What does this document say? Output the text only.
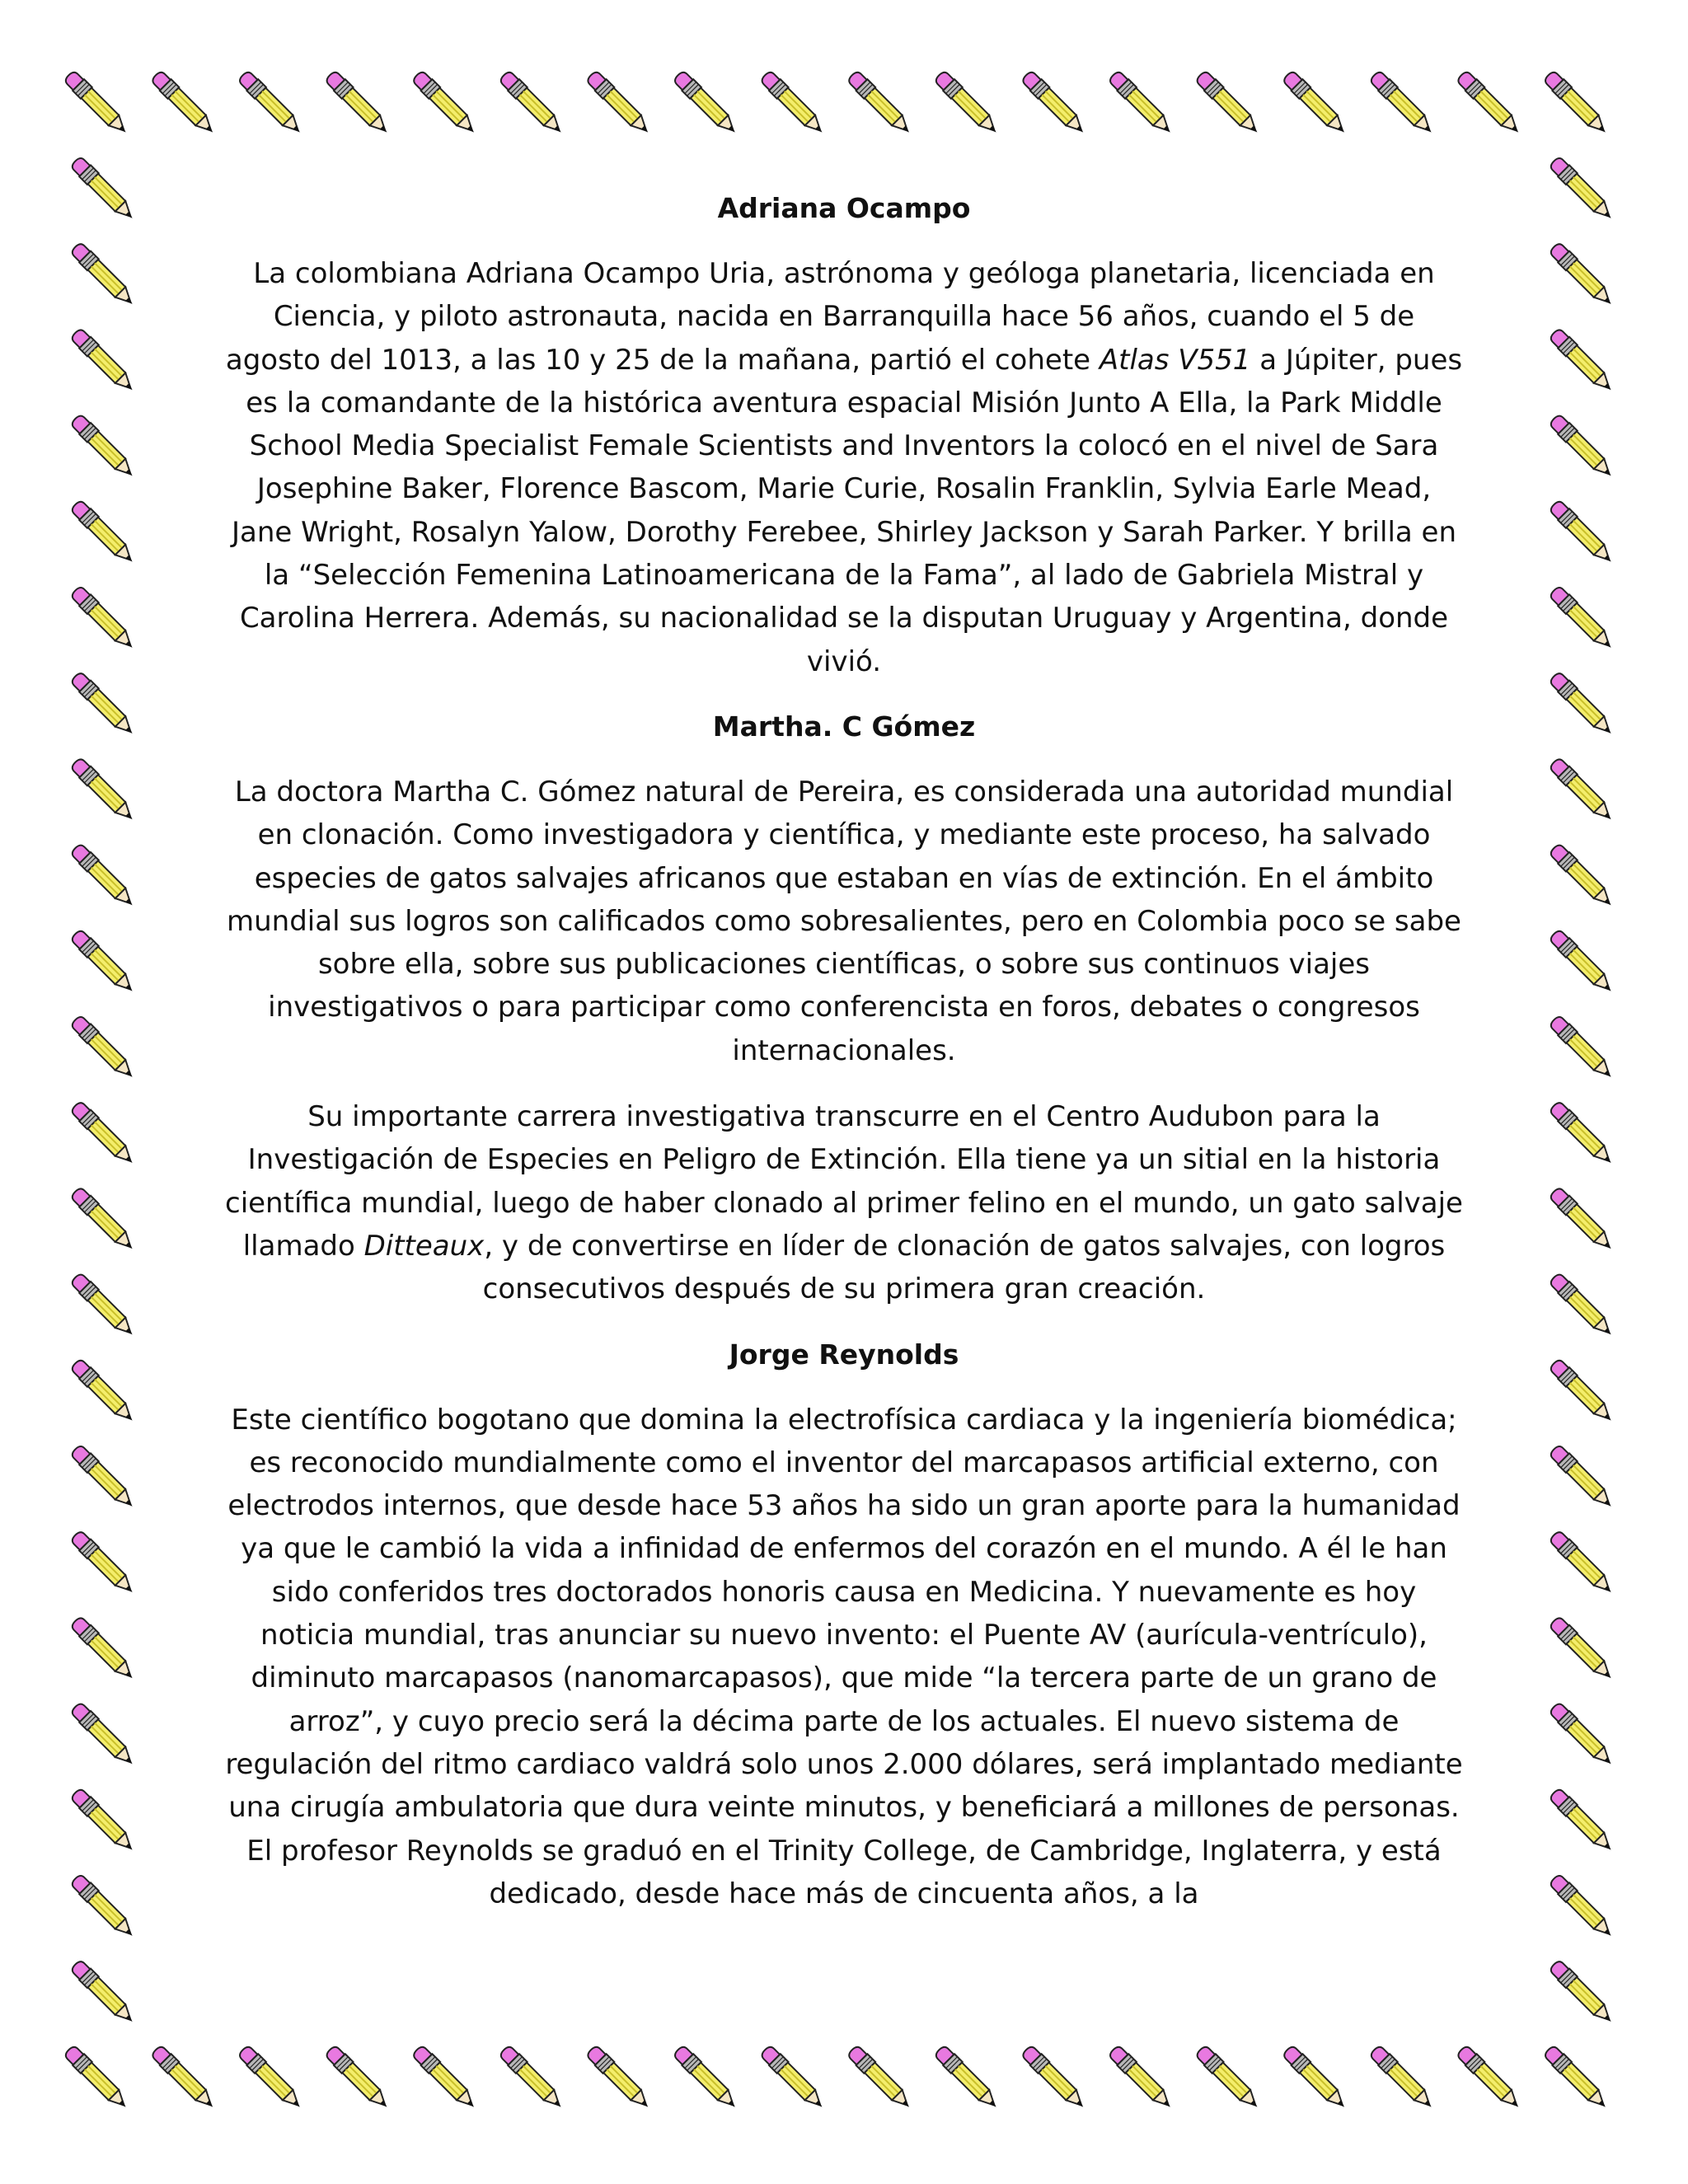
Adriana Ocampo

La colombiana Adriana Ocampo Uria, astrónoma y geóloga planetaria, licenciada en Ciencia, y piloto astronauta, nacida en Barranquilla hace 56 años, cuando el 5 de agosto del 1013, a las 10 y 25 de la mañana, partió el cohete Atlas V551 a Júpiter, pues es la comandante de la histórica aventura espacial Misión Junto A Ella, la Park Middle School Media Specialist Female Scientists and Inventors la colocó en el nivel de Sara Josephine Baker, Florence Bascom, Marie Curie, Rosalin Franklin, Sylvia Earle Mead, Jane Wright, Rosalyn Yalow, Dorothy Ferebee, Shirley Jackson y Sarah Parker. Y brilla en la “Selección Femenina Latinoamericana de la Fama”, al lado de Gabriela Mistral y Carolina Herrera. Además, su nacionalidad se la disputan Uruguay y Argentina, donde vivió.

Martha. C Gómez

La doctora Martha C. Gómez natural de Pereira, es considerada una autoridad mundial en clonación. Como investigadora y científica, y mediante este proceso, ha salvado especies de gatos salvajes africanos que estaban en vías de extinción. En el ámbito mundial sus logros son calificados como sobresalientes, pero en Colombia poco se sabe sobre ella, sobre sus publicaciones científicas, o sobre sus continuos viajes investigativos o para participar como conferencista en foros, debates o congresos internacionales.

Su importante carrera investigativa transcurre en el Centro Audubon para la Investigación de Especies en Peligro de Extinción. Ella tiene ya un sitial en la historia científica mundial, luego de haber clonado al primer felino en el mundo, un gato salvaje llamado Ditteaux, y de convertirse en líder de clonación de gatos salvajes, con logros consecutivos después de su primera gran creación.

Jorge Reynolds

Este científico bogotano que domina la electrofísica cardiaca y la ingeniería biomédica; es reconocido mundialmente como el inventor del marcapasos artificial externo, con electrodos internos, que desde hace 53 años ha sido un gran aporte para la humanidad ya que le cambió la vida a infinidad de enfermos del corazón en el mundo. A él le han sido conferidos tres doctorados honoris causa en Medicina. Y nuevamente es hoy noticia mundial, tras anunciar su nuevo invento: el Puente AV (aurícula-ventrículo), diminuto marcapasos (nanomarcapasos), que mide “la tercera parte de un grano de arroz”, y cuyo precio será la décima parte de los actuales. El nuevo sistema de regulación del ritmo cardiaco valdrá solo unos 2.000 dólares, será implantado mediante una cirugía ambulatoria que dura veinte minutos, y beneficiará a millones de personas. El profesor Reynolds se graduó en el Trinity College, de Cambridge, Inglaterra, y está dedicado, desde hace más de cincuenta años, a la
